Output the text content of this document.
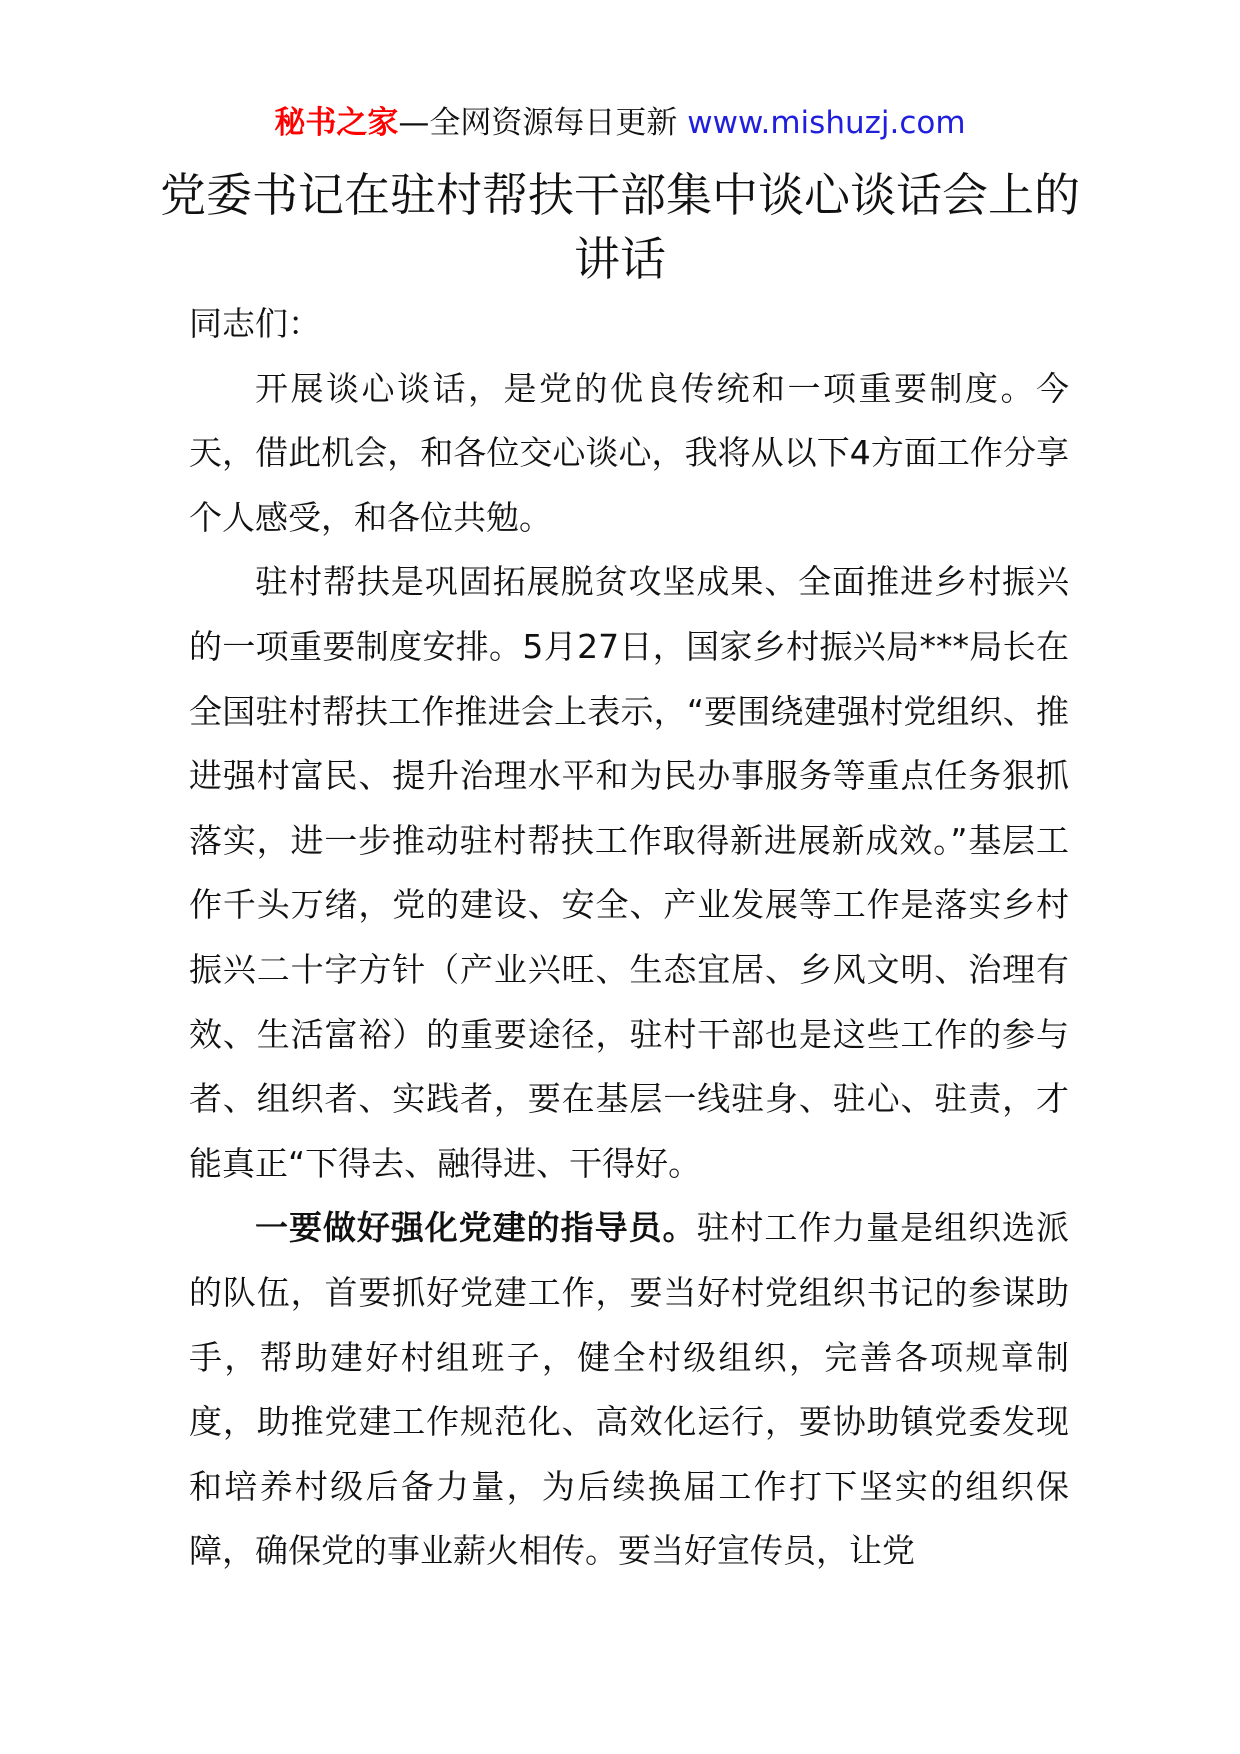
秘书之家—全网资源每日更新 www.mishuzj.com
党委书记在驻村帮扶干部集中谈心谈话会上的讲话

同志们：

开展谈心谈话，是党的优良传统和一项重要制度。今天，借此机会，和各位交心谈心，我将从以下4方面工作分享个人感受，和各位共勉。

驻村帮扶是巩固拓展脱贫攻坚成果、全面推进乡村振兴的一项重要制度安排。5月27日，国家乡村振兴局***局长在全国驻村帮扶工作推进会上表示，“要围绕建强村党组织、推进强村富民、提升治理水平和为民办事服务等重点任务狠抓落实，进一步推动驻村帮扶工作取得新进展新成效。”基层工作千头万绪，党的建设、安全、产业发展等工作是落实乡村振兴二十字方针（产业兴旺、生态宜居、乡风文明、治理有效、生活富裕）的重要途径，驻村干部也是这些工作的参与者、组织者、实践者，要在基层一线驻身、驻心、驻责，才能真正“下得去、融得进、干得好。

一要做好强化党建的指导员。驻村工作力量是组织选派的队伍，首要抓好党建工作，要当好村党组织书记的参谋助手，帮助建好村组班子，健全村级组织，完善各项规章制度，助推党建工作规范化、高效化运行，要协助镇党委发现和培养村级后备力量，为后续换届工作打下坚实的组织保障，确保党的事业薪火相传。要当好宣传员，让党
